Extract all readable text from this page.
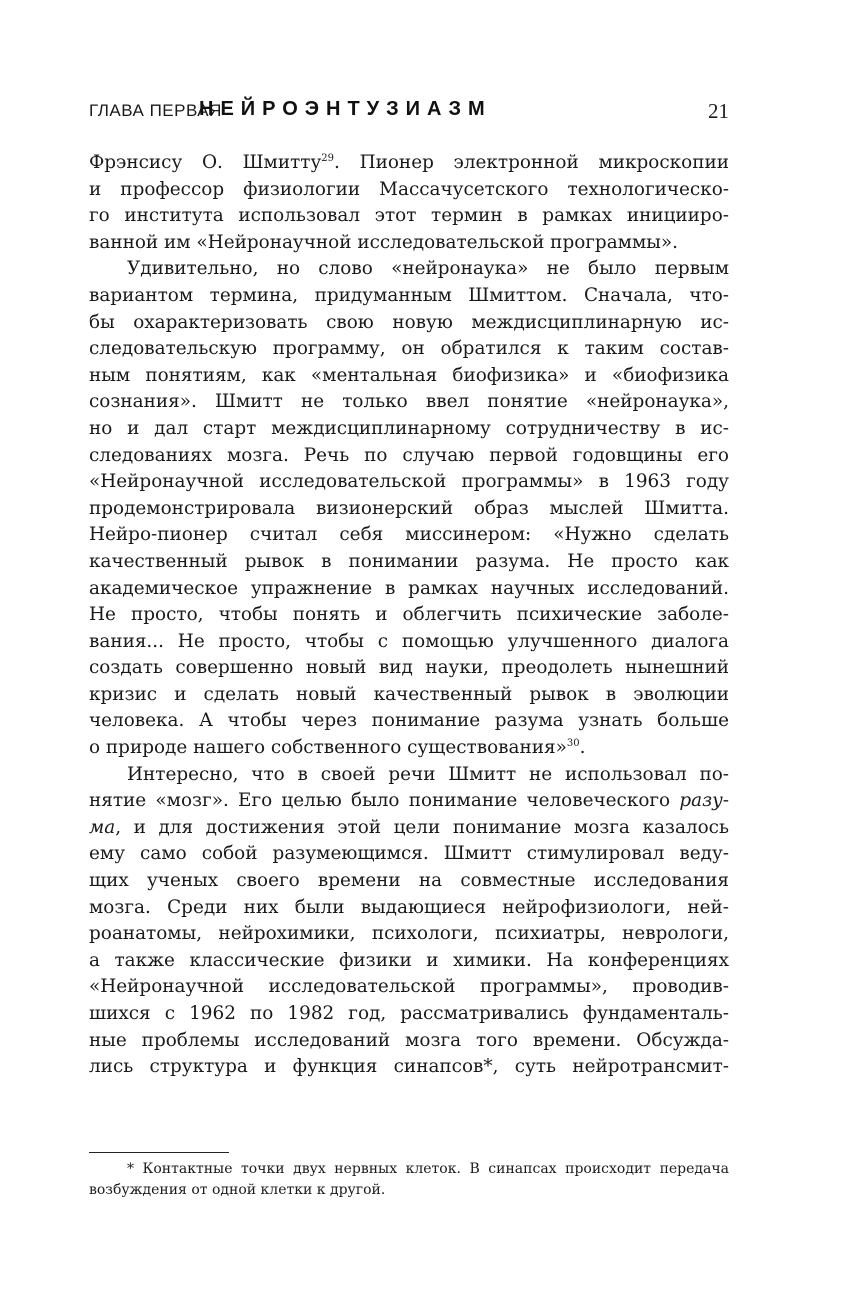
ГЛАВА ПЕРВАЯ
НЕЙРОЭНТУЗИАЗМ	21
Фрэнсису О. Шмитту$^{29}$. Пионер электронной микроскопии
и профессор физиологии Массачусетского технологическо-
го института использовал этот термин в рамках инициирo-
ванной им «Нейронаучной исследовательской программы».
Удивительно, но слово «нейронаука» не было первым
вариантом термина, придуманным Шмиттом. Сначала, что-
бы охарактеризовать свою новую междисциплинарную ис-
следовательскую программу, он обратился к таким состав-
ным понятиям, как «ментальная биофизика» и «биофизика
сознания». Шмитт не только ввел понятие «нейронаука»,
но и дал старт междисциплинарному сотрудничеству в ис-
следованиях мозга. Речь по случаю первой годовщины его
«Нейронаучной исследовательской программы» в 1963 году
продемонстрировала визионерский образ мыслей Шмитта.
Нейро-пионер считал себя миссинером: «Нужно сделать
качественный рывок в понимании разума. Не просто как
академическое упражнение в рамках научных исследований.
Не просто, чтобы понять и облегчить психические заболе-
вания... Не просто, чтобы с помощью улучшенного диалога
создать совершенно новый вид науки, преодолеть нынешний
кризис и сделать новый качественный рывок в эволюции
человека. А чтобы через понимание разума узнать больше
о природе нашего собственного существования»$^{30}$.
Интересно, что в своей речи Шмитт не использовал по-
нятие «мозг». Его целью было понимание человеческого разу-
ма, и для достижения этой цели понимание мозга казалось
ему само собой разумеющимся. Шмитт стимулировал веду-
щих ученых своего времени на совместные исследования
мозга. Среди них были выдающиеся нейрофизиологи, ней-
роанатомы, нейрохимики, психологи, психиатры, неврологи,
а также классические физики и химики. На конференциях
«Нейронаучной исследовательской программы», проводив-
шихся с 1962 по 1982 год, рассматривались фундаменталь-
ные проблемы исследований мозга того времени. Обсужда-
лись структура и функция синапсов*, суть нейротрансмит-
* Контактные точки двух нервных клеток. В синапсах происходит передача
возбуждения от одной клетки к другой.
